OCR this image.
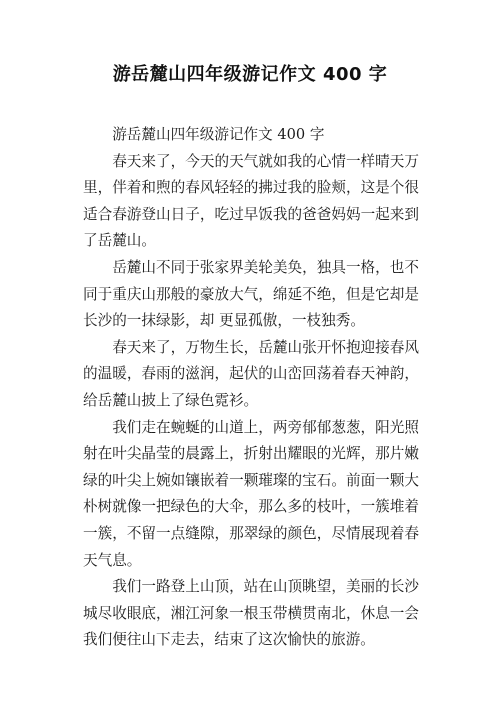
游岳麓山四年级游记作文 400 字

游岳麓山四年级游记作文 400 字

春天来了，今天的天气就如我的心情一样晴天万里，伴着和煦的春风轻轻的拂过我的脸颊，这是个很适合春游登山日子，吃过早饭我的爸爸妈妈一起来到了岳麓山。

岳麓山不同于张家界美轮美奂，独具一格，也不同于重庆山那般的豪放大气，绵延不绝，但是它却是长沙的一抹绿影，却 更显孤傲，一枝独秀。

春天来了，万物生长，岳麓山张开怀抱迎接春风的温暖，春雨的滋润，起伏的山峦回荡着春天神韵，给岳麓山披上了绿色霓衫。

我们走在蜿蜒的山道上，两旁郁郁葱葱，阳光照射在叶尖晶莹的晨露上，折射出耀眼的光辉，那片嫩绿的叶尖上婉如镶嵌着一颗璀璨的宝石。前面一颗大朴树就像一把绿色的大伞，那么多的枝叶，一簇堆着一簇，不留一点缝隙，那翠绿的颜色，尽情展现着春天气息。

我们一路登上山顶，站在山顶眺望，美丽的长沙城尽收眼底，湘江河象一根玉带横贯南北，休息一会我们便往山下走去，结束了这次愉快的旅游。
